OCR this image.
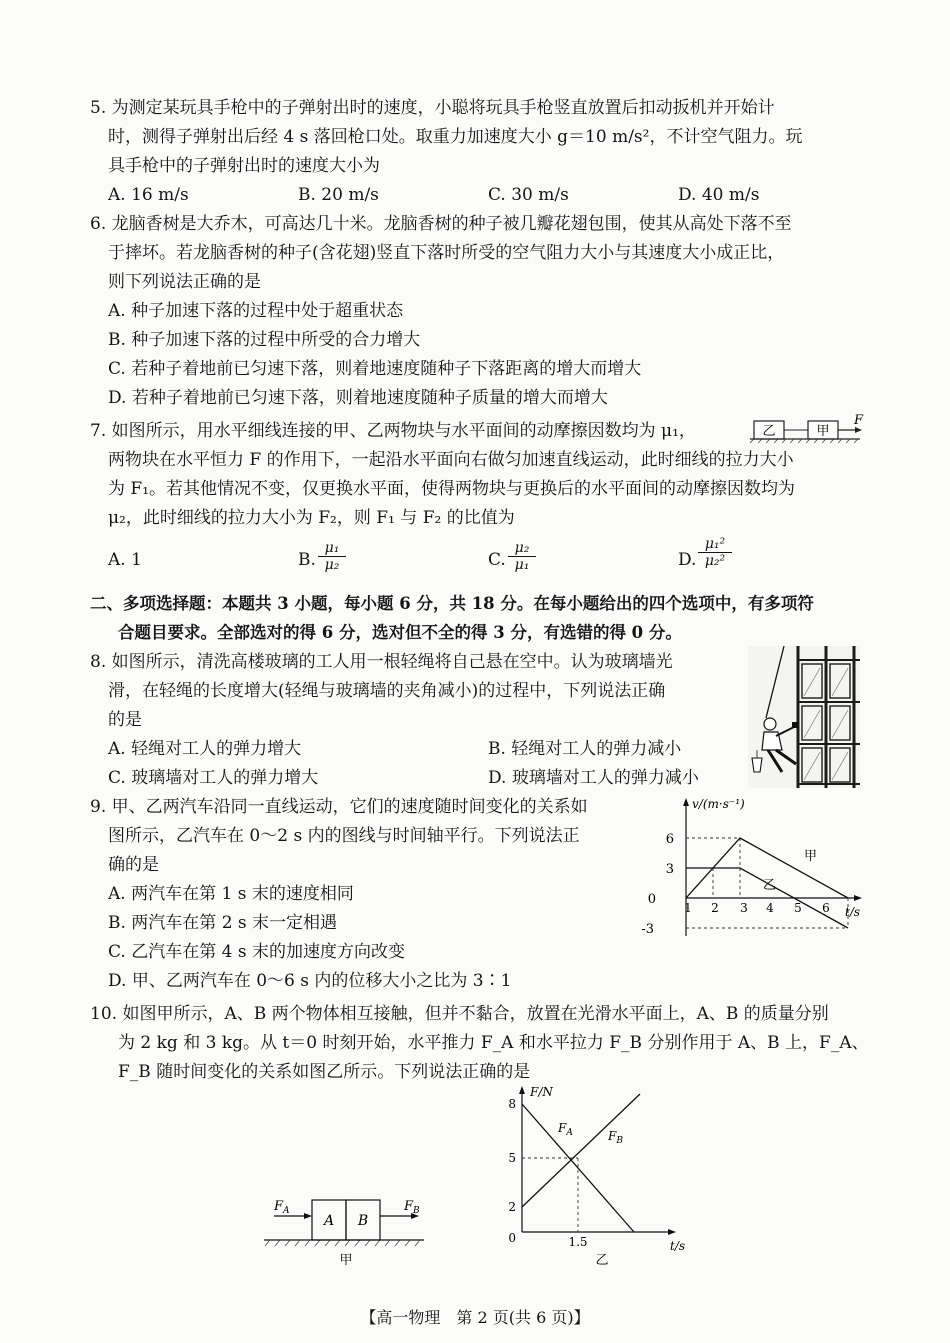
5. 为测定某玩具手枪中的子弹射出时的速度，小聪将玩具手枪竖直放置后扣动扳机并开始计
时，测得子弹射出后经 4 s 落回枪口处。取重力加速度大小 g＝10 m/s²，不计空气阻力。玩
具手枪中的子弹射出时的速度大小为
A. 16 m/s	B. 20 m/s	C. 30 m/s	D. 40 m/s
6. 龙脑香树是大乔木，可高达几十米。龙脑香树的种子被几瓣花翅包围，使其从高处下落不至
于摔坏。若龙脑香树的种子(含花翅)竖直下落时所受的空气阻力大小与其速度大小成正比，
则下列说法正确的是
A. 种子加速下落的过程中处于超重状态
B. 种子加速下落的过程中所受的合力增大
C. 若种子着地前已匀速下落，则着地速度随种子下落距离的增大而增大
D. 若种子着地前已匀速下落，则着地速度随种子质量的增大而增大
7. 如图所示，用水平细线连接的甲、乙两物块与水平面间的动摩擦因数均为 μ₁，	乙	甲
F
两物块在水平恒力 F 的作用下，一起沿水平面向右做匀加速直线运动，此时细线的拉力大小
为 F₁。若其他情况不变，仅更换水平面，使得两物块与更换后的水平面间的动摩擦因数均为
μ₂，此时细线的拉力大小为 F₂，则 F₁ 与 F₂ 的比值为
A. 1	B. $\frac{\text{μ₁}}{\text{μ₂}}$	C. $\frac{\text{μ₂}}{\text{μ₁}}$	D. $\frac{\text{μ₁²}}{\text{μ₂²}}$
二、多项选择题：本题共 3 小题，每小题 6 分，共 18 分。在每小题给出的四个选项中，有多项符
合题目要求。全部选对的得 6 分，选对但不全的得 3 分，有选错的得 0 分。
8. 如图所示，清洗高楼玻璃的工人用一根轻绳将自己悬在空中。认为玻璃墙光
滑，在轻绳的长度增大(轻绳与玻璃墙的夹角减小)的过程中，下列说法正确
的是
A. 轻绳对工人的弹力增大	B. 轻绳对工人的弹力减小
C. 玻璃墙对工人的弹力增大	D. 玻璃墙对工人的弹力减小
9. 甲、乙两汽车沿同一直线运动，它们的速度随时间变化的关系如
图所示，乙汽车在 0～2 s 内的图线与时间轴平行。下列说法正
确的是
A. 两汽车在第 1 s 末的速度相同
B. 两汽车在第 2 s 末一定相遇
C. 乙汽车在第 4 s 末的加速度方向改变
D. 甲、乙两汽车在 0～6 s 内的位移大小之比为 3∶1
v/(m·s⁻¹)
t/s
6
3
0
-3
1 2 3 4 5 6
甲
乙
10. 如图甲所示，A、B 两个物体相互接触，但并不黏合，放置在光滑水平面上，A、B 的质量分别
为 2 kg 和 3 kg。从 t＝0 时刻开始，水平推力 F_A 和水平拉力 F_B 分别作用于 A、B 上，F_A、
F_B 随时间变化的关系如图乙所示。下列说法正确的是
A B
$F_A$	$F_B$
甲
F/N
t/s
8
5
2
0	1.5
$F_A$	$F_B$
乙
【高一物理　第 2 页(共 6 页)】
